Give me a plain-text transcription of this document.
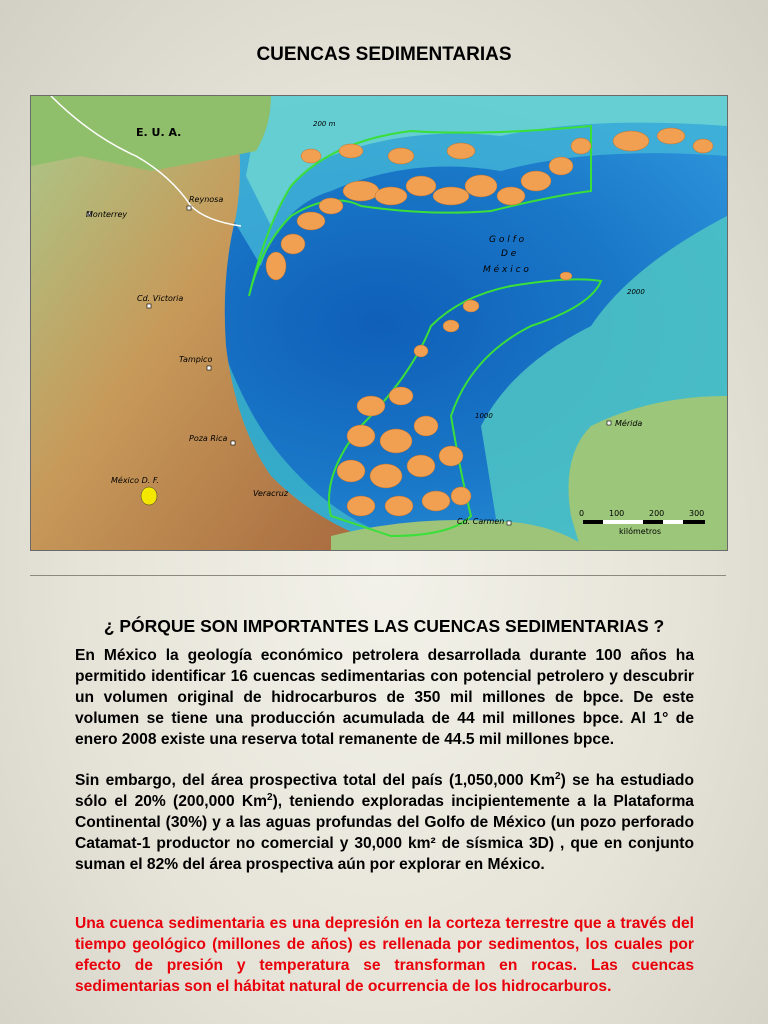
CUENCAS SEDIMENTARIAS
E. U. A.
Reynosa
Monterrey
Cd. Victoria
Tampico
Poza Rica
México D. F.
Veracruz
Cd. Carmen
Mérida
G o l f o
D e
M é x i c o
200 m
2000
1000
0	100	200	300
kilómetros
¿ PÓRQUE SON IMPORTANTES LAS CUENCAS SEDIMENTARIAS ?
En México la geología económico petrolera desarrollada durante 100 años ha permitido identificar 16 cuencas sedimentarias con potencial petrolero y descubrir un volumen original de hidrocarburos de 350 mil millones de bpce. De este volumen se tiene una producción acumulada de 44 mil millones bpce. Al 1° de enero 2008 existe una reserva total remanente de 44.5 mil millones bpce.
Sin embargo, del área prospectiva total del país (1,050,000 Km$^2$) se ha estudiado sólo el 20% (200,000 Km$^2$), teniendo exploradas incipientemente a la Plataforma Continental (30%) y a las aguas profundas del Golfo de México (un pozo perforado Catamat-1 productor no comercial y 30,000 km² de sísmica 3D) , que en conjunto suman el 82% del área prospectiva aún por explorar en México.
Una cuenca sedimentaria es una depresión en la corteza terrestre que a través del tiempo geológico (millones de años) es rellenada por sedimentos, los cuales por efecto de presión y temperatura se transforman en rocas. Las cuencas sedimentarias son el hábitat natural de ocurrencia de los hidrocarburos.
